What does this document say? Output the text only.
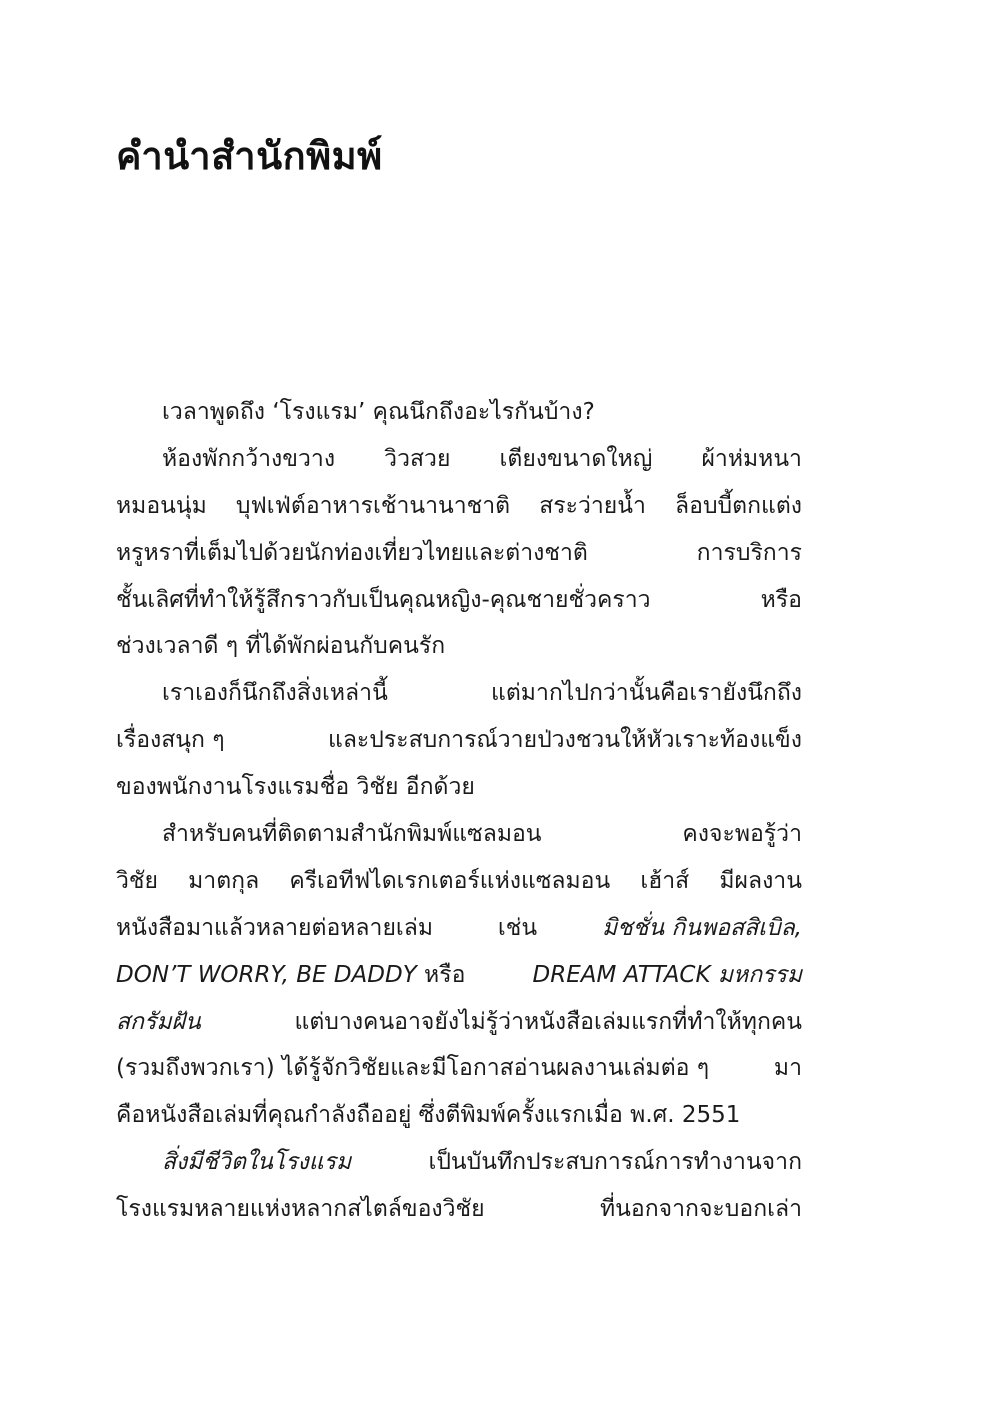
คำนำสำนักพิมพ์
เวลาพูดถึง ‘โรงแรม’ คุณนึกถึงอะไรกันบ้าง?
ห้องพักกว้างขวาง วิวสวย เตียงขนาดใหญ่ ผ้าห่มหนา
หมอนนุ่ม บุฟเฟ่ต์อาหารเช้านานาชาติ สระว่ายน้ำ ล็อบบี้ตกแต่ง
หรูหราที่เต็มไปด้วยนักท่องเที่ยวไทยและต่างชาติ	การบริการ
ชั้นเลิศที่ทำให้รู้สึกราวกับเป็นคุณหญิง-คุณชายชั่วคราว	หรือ
ช่วงเวลาดี ๆ ที่ได้พักผ่อนกับคนรัก
เราเองก็นึกถึงสิ่งเหล่านี้	แต่มากไปกว่านั้นคือเรายังนึกถึง
เรื่องสนุก ๆ	และประสบการณ์วายป่วงชวนให้หัวเราะท้องแข็ง
ของพนักงานโรงแรมชื่อ วิชัย อีกด้วย
สำหรับคนที่ติดตามสำนักพิมพ์แซลมอน	คงจะพอรู้ว่า
วิชัย มาตกุล ครีเอทีฟไดเรกเตอร์แห่งแซลมอน เฮ้าส์ มีผลงาน
หนังสือมาแล้วหลายต่อหลายเล่ม	เช่น	มิชชั่น กินพอสสิเบิล,
DON’T WORRY, BE DADDY หรือ	DREAM ATTACK มหกรรม
สกรัมฝัน	แต่บางคนอาจยังไม่รู้ว่าหนังสือเล่มแรกที่ทำให้ทุกคน
(รวมถึงพวกเรา) ได้รู้จักวิชัยและมีโอกาสอ่านผลงานเล่มต่อ ๆ	มา
คือหนังสือเล่มที่คุณกำลังถืออยู่ ซึ่งตีพิมพ์ครั้งแรกเมื่อ พ.ศ. 2551
สิ่งมีชีวิตในโรงแรม	เป็นบันทึกประสบการณ์การทำงานจาก
โรงแรมหลายแห่งหลากสไตล์ของวิชัย	ที่นอกจากจะบอกเล่า
